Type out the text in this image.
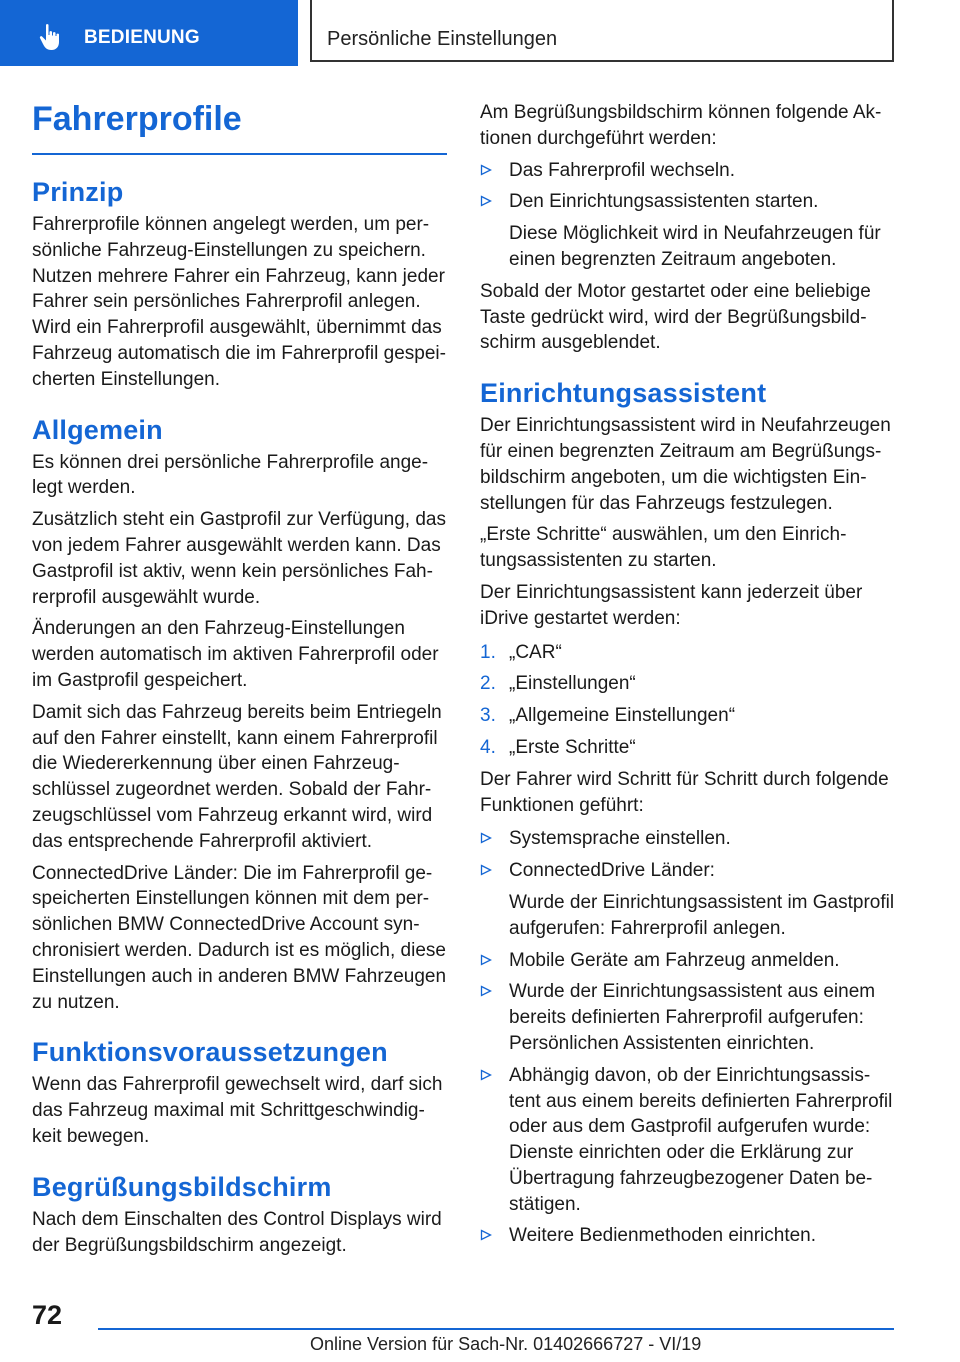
BEDIENUNG	Persönliche Einstellungen
Fahrerprofile
Prinzip

Fahrerprofile können angelegt werden, um persönliche Fahrzeug-Einstellungen zu speichern. Nutzen mehrere Fahrer ein Fahrzeug, kann jeder Fahrer sein persönliches Fahrerprofil anlegen. Wird ein Fahrerprofil ausgewählt, übernimmt das Fahrzeug automatisch die im Fahrerprofil gespeicherten Einstellungen.

Allgemein

Es können drei persönliche Fahrerprofile angelegt werden.

Zusätzlich steht ein Gastprofil zur Verfügung, das von jedem Fahrer ausgewählt werden kann. Das Gastprofil ist aktiv, wenn kein persönliches Fahrerprofil ausgewählt wurde.

Änderungen an den Fahrzeug-Einstellungen werden automatisch im aktiven Fahrerprofil oder im Gastprofil gespeichert.

Damit sich das Fahrzeug bereits beim Entriegeln auf den Fahrer einstellt, kann einem Fahrerprofil die Wiedererkennung über einen Fahrzeugschlüssel zugeordnet werden. Sobald der Fahrzeugschlüssel vom Fahrzeug erkannt wird, wird das entsprechende Fahrerprofil aktiviert.

ConnectedDrive Länder: Die im Fahrerprofil gespeicherten Einstellungen können mit dem persönlichen BMW ConnectedDrive Account synchronisiert werden. Dadurch ist es möglich, diese Einstellungen auch in anderen BMW Fahrzeugen zu nutzen.

Funktionsvoraussetzungen

Wenn das Fahrerprofil gewechselt wird, darf sich das Fahrzeug maximal mit Schrittgeschwindigkeit bewegen.

Begrüßungsbildschirm

Nach dem Einschalten des Control Displays wird der Begrüßungsbildschirm angezeigt.

Am Begrüßungsbildschirm können folgende Aktionen durchgeführt werden:

Das Fahrerprofil wechseln.
Den Einrichtungsassistenten starten.
Diese Möglichkeit wird in Neufahrzeugen für einen begrenzten Zeitraum angeboten.

Sobald der Motor gestartet oder eine beliebige Taste gedrückt wird, wird der Begrüßungsbildschirm ausgeblendet.

Einrichtungsassistent

Der Einrichtungsassistent wird in Neufahrzeugen für einen begrenzten Zeitraum am Begrüßungsbildschirm angeboten, um die wichtigsten Einstellungen für das Fahrzeugs festzulegen.

„Erste Schritte“ auswählen, um den Einrichtungsassistenten zu starten.

Der Einrichtungsassistent kann jederzeit über iDrive gestartet werden:

1. „CAR“
2. „Einstellungen“
3. „Allgemeine Einstellungen“
4. „Erste Schritte“

Der Fahrer wird Schritt für Schritt durch folgende Funktionen geführt:

Systemsprache einstellen.
ConnectedDrive Länder:
Wurde der Einrichtungsassistent im Gastprofil aufgerufen: Fahrerprofil anlegen.
Mobile Geräte am Fahrzeug anmelden.
Wurde der Einrichtungsassistent aus einem bereits definierten Fahrerprofil aufgerufen: Persönlichen Assistenten einrichten.
Abhängig davon, ob der Einrichtungsassistent aus einem bereits definierten Fahrerprofil oder aus dem Gastprofil aufgerufen wurde: Dienste einrichten oder die Erklärung zur Übertragung fahrzeugbezogener Daten bestätigen.
Weitere Bedienmethoden einrichten.
72
Online Version für Sach-Nr. 01402666727 - VI/19
